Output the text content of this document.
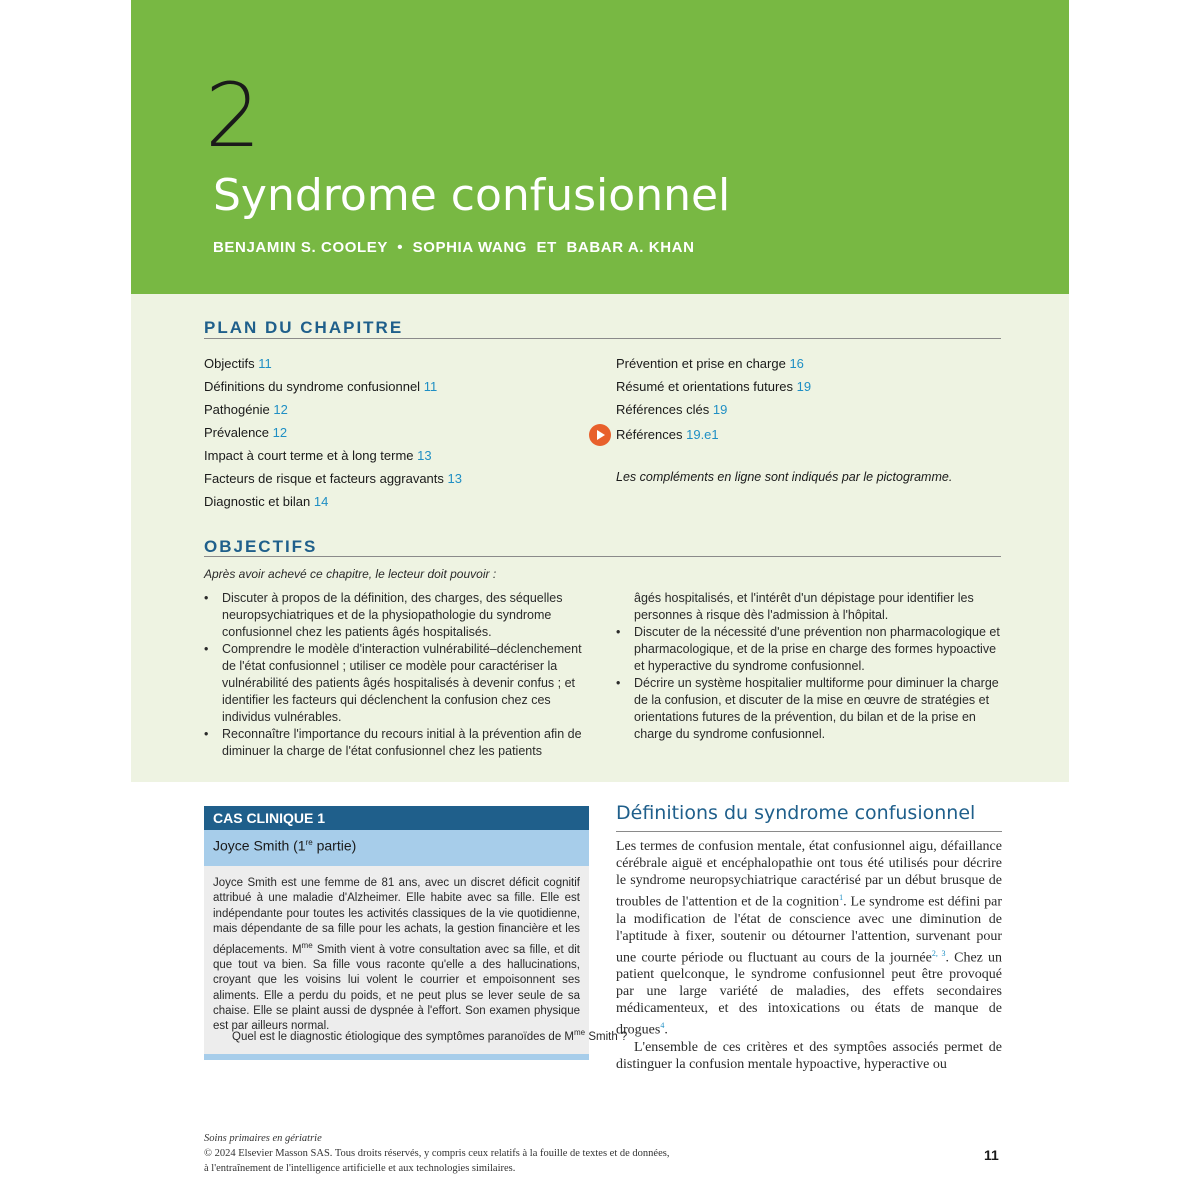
2
Syndrome confusionnel
BENJAMIN S. COOLEY  •  SOPHIA WANG  ET  BABAR A. KHAN
PLAN DU CHAPITRE
Objectifs 11
Définitions du syndrome confusionnel 11
Pathogénie 12
Prévalence 12
Impact à court terme et à long terme 13
Facteurs de risque et facteurs aggravants 13
Diagnostic et bilan 14
Prévention et prise en charge 16
Résumé et orientations futures 19
Références clés 19
Références 19.e1
Les compléments en ligne sont indiqués par le pictogramme.
OBJECTIFS
Après avoir achevé ce chapitre, le lecteur doit pouvoir :
• Discuter à propos de la définition, des charges, des séquelles neuropsychiatriques et de la physiopathologie du syndrome confusionnel chez les patients âgés hospitalisés.
• Comprendre le modèle d'interaction vulnérabilité–déclenchement de l'état confusionnel ; utiliser ce modèle pour caractériser la vulnérabilité des patients âgés hospitalisés à devenir confus ; et identifier les facteurs qui déclenchent la confusion chez ces individus vulnérables.
• Reconnaître l'importance du recours initial à la prévention afin de diminuer la charge de l'état confusionnel chez les patients
âgés hospitalisés, et l'intérêt d'un dépistage pour identifier les personnes à risque dès l'admission à l'hôpital.
• Discuter de la nécessité d'une prévention non pharmacologique et pharmacologique, et de la prise en charge des formes hypoactive et hyperactive du syndrome confusionnel.
• Décrire un système hospitalier multiforme pour diminuer la charge de la confusion, et discuter de la mise en œuvre de stratégies et orientations futures de la prévention, du bilan et de la prise en charge du syndrome confusionnel.
CAS CLINIQUE 1
Joyce Smith (1re partie)
Joyce Smith est une femme de 81 ans, avec un discret déficit cognitif attribué à une maladie d'Alzheimer. Elle habite avec sa fille. Elle est indépendante pour toutes les activités classiques de la vie quotidienne, mais dépendante de sa fille pour les achats, la gestion financière et les déplacements. $M^{me}$ Smith vient à votre consultation avec sa fille, et dit que tout va bien. Sa fille vous raconte qu'elle a des hallucinations, croyant que les voisins lui volent le courrier et empoisonnent ses aliments. Elle a perdu du poids, et ne peut plus se lever seule de sa chaise. Elle se plaint aussi de dyspnée à l'effort. Son examen physique est par ailleurs normal.
Quel est le diagnostic étiologique des symptômes paranoïdes de $M^{me}$ Smith ?
Définitions du syndrome confusionnel

Les termes de confusion mentale, état confusionnel aigu, défaillance cérébrale aiguë et encéphalopathie ont tous été utilisés pour décrire le syndrome neuropsychiatrique caractérisé par un début brusque de troubles de l'attention et de la cognition$^1$. Le syndrome est défini par la modification de l'état de conscience avec une diminution de l'aptitude à fixer, soutenir ou détourner l'attention, survenant pour une courte période ou fluctuant au cours de la journée$^{2, 3}$. Chez un patient quelconque, le syndrome confusionnel peut être provoqué par une large variété de maladies, des effets secondaires médicamenteux, et des intoxications ou états de manque de drogues$^4$.

L'ensemble de ces critères et des symptôes associés permet de distinguer la confusion mentale hypoactive, hyperactive ou

Soins primaires en gériatrie
© 2024 Elsevier Masson SAS. Tous droits réservés, y compris ceux relatifs à la fouille de textes et de données,
à l'entraînement de l'intelligence artificielle et aux technologies similaires.
11
